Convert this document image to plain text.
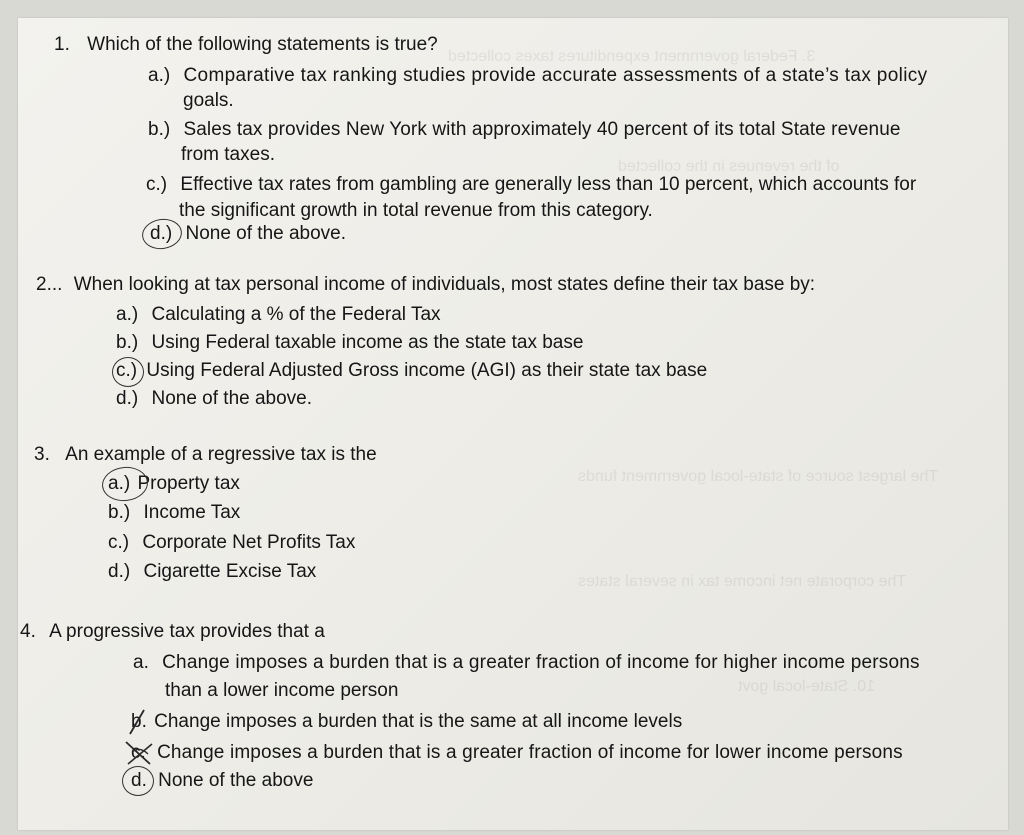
3. Federal government expenditures taxes collected
of the revenues in the collected
The largest source of state-local government funds
The corporate net income tax in several states
10. State-local govt
1. Which of the following statements is true?
a.) Comparative tax ranking studies provide accurate assessments of a state’s tax policy
goals.
b.) Sales tax provides New York with approximately 40 percent of its total State revenue
from taxes.
c.) Effective tax rates from gambling are generally less than 10 percent, which accounts for
the significant growth in total revenue from this category.
d.) None of the above.
2... When looking at tax personal income of individuals, most states define their tax base by:
a.) Calculating a % of the Federal Tax
b.) Using Federal taxable income as the state tax base
c.) Using Federal Adjusted Gross income (AGI) as their state tax base
d.) None of the above.
3. An example of a regressive tax is the
a.) Property tax
b.) Income Tax
c.) Corporate Net Profits Tax
d.) Cigarette Excise Tax
4. A progressive tax provides that a
a. Change imposes a burden that is a greater fraction of income for higher income persons
than a lower income person
b. Change imposes a burden that is the same at all income levels
c. Change imposes a burden that is a greater fraction of income for lower income persons
d. None of the above
